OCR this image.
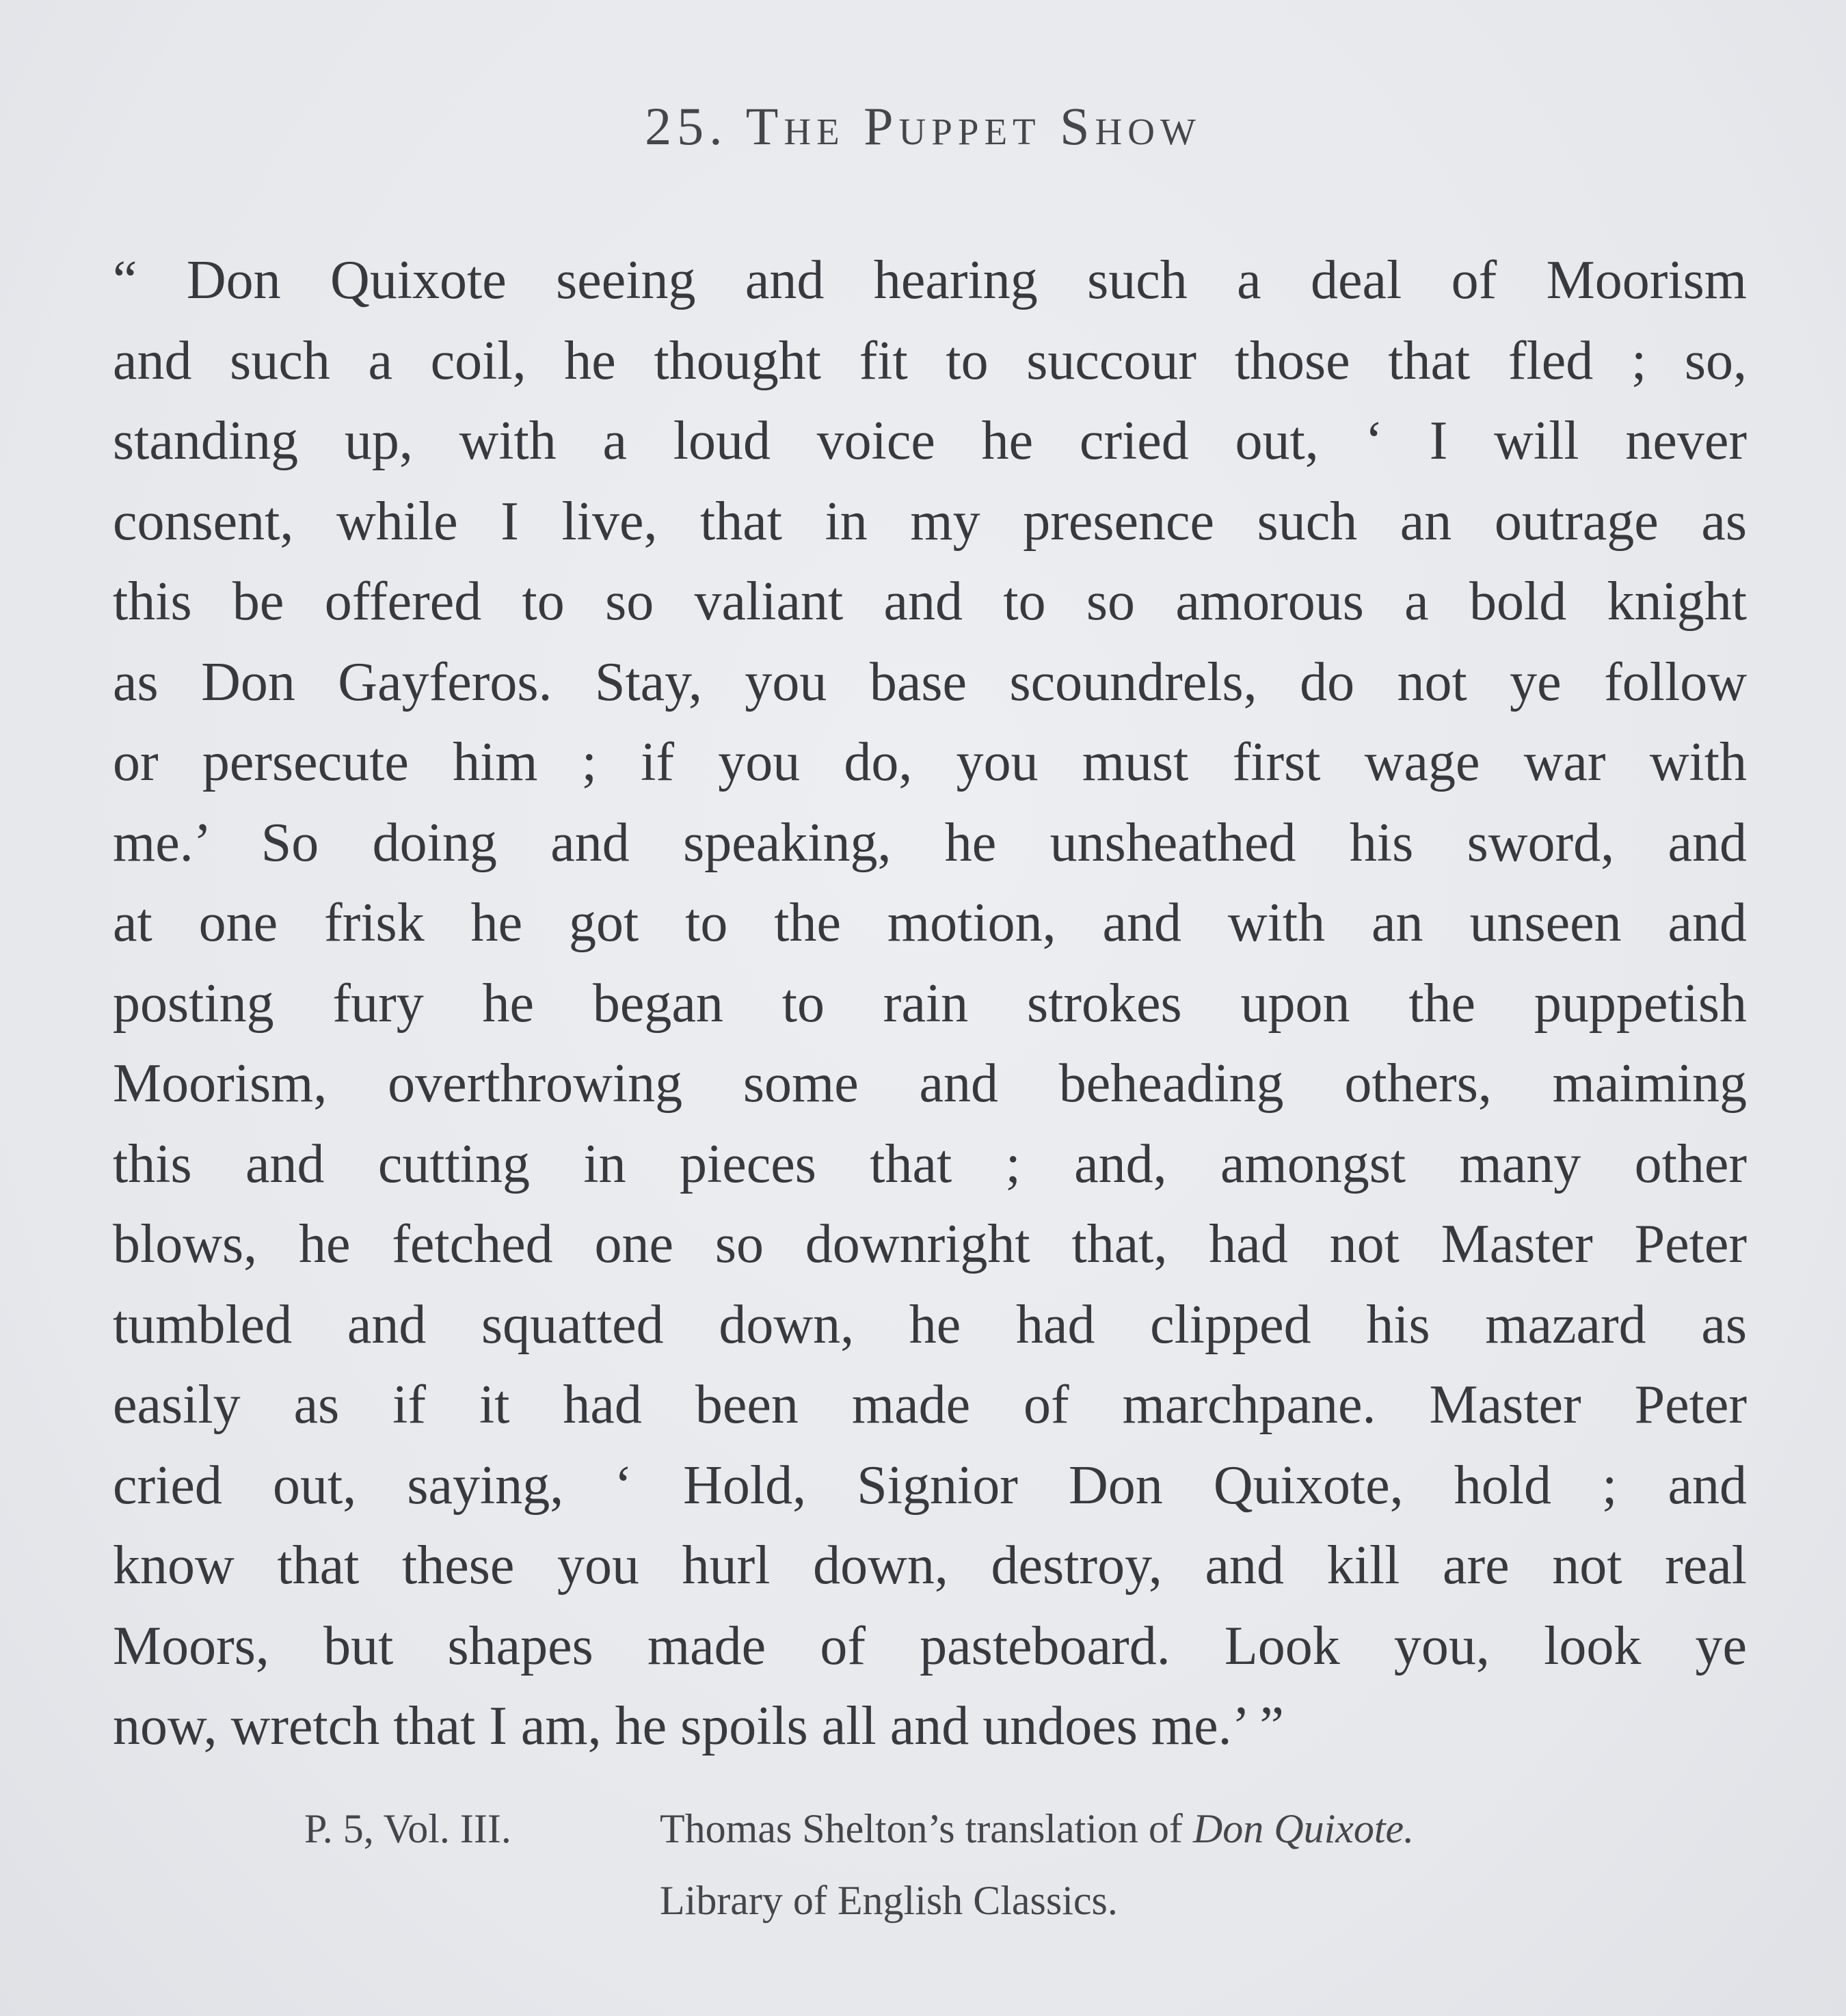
25. The Puppet Show
“ Don Quixote seeing and hearing such a deal of Moorism
and such a coil, he thought fit to succour those that fled ; so,
standing up, with a loud voice he cried out, ‘ I will never
consent, while I live, that in my presence such an outrage as
this be offered to so valiant and to so amorous a bold knight
as Don Gayferos. Stay, you base scoundrels, do not ye follow
or persecute him ; if you do, you must first wage war with
me.’ So doing and speaking, he unsheathed his sword, and
at one frisk he got to the motion, and with an unseen and
posting fury he began to rain strokes upon the puppetish
Moorism, overthrowing some and beheading others, maiming
this and cutting in pieces that ; and, amongst many other
blows, he fetched one so downright that, had not Master Peter
tumbled and squatted down, he had clipped his mazard as
easily as if it had been made of marchpane. Master Peter
cried out, saying, ‘ Hold, Signior Don Quixote, hold ; and
know that these you hurl down, destroy, and kill are not real
Moors, but shapes made of pasteboard. Look you, look ye
now, wretch that I am, he spoils all and undoes me.’ ”
P. 5, Vol. III.	Thomas Shelton’s translation of Don Quixote.
Library of English Classics.
